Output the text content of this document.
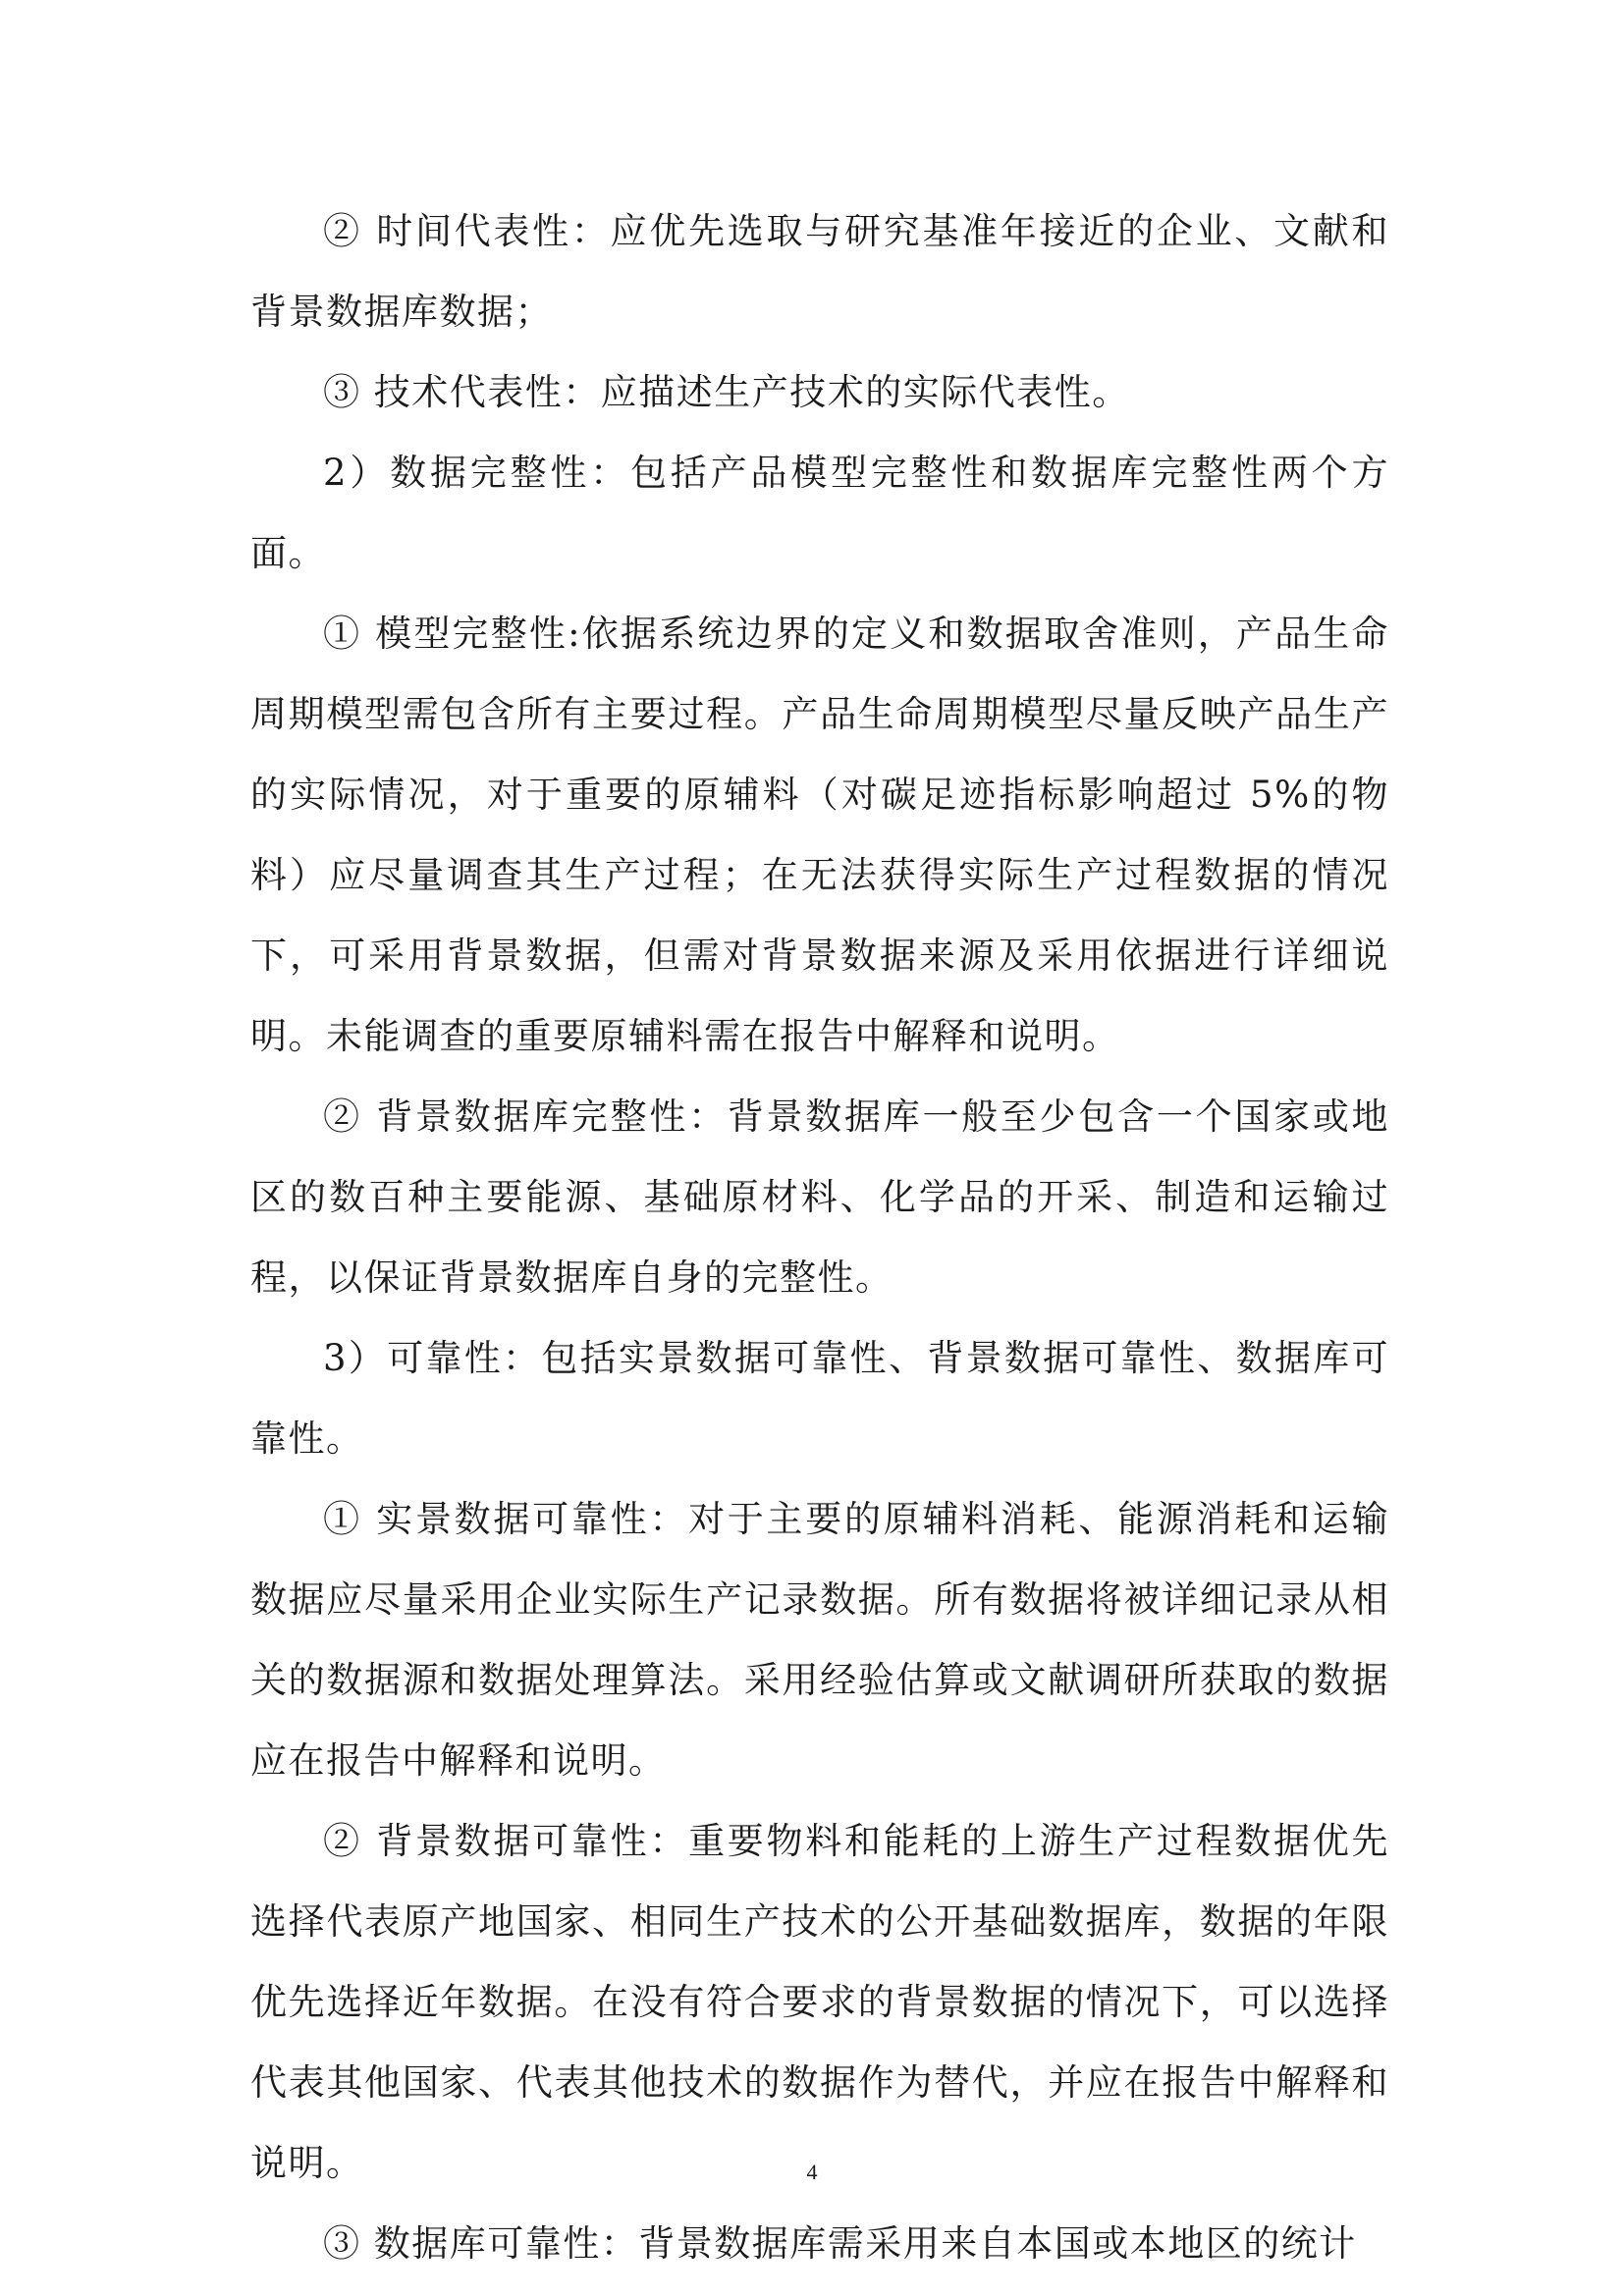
② 时间代表性：应优先选取与研究基准年接近的企业、文献和背景数据库数据；

③ 技术代表性：应描述生产技术的实际代表性。

2）数据完整性：包括产品模型完整性和数据库完整性两个方面。

① 模型完整性:依据系统边界的定义和数据取舍准则，产品生命周期模型需包含所有主要过程。产品生命周期模型尽量反映产品生产的实际情况，对于重要的原辅料（对碳足迹指标影响超过 5%的物料）应尽量调查其生产过程；在无法获得实际生产过程数据的情况下，可采用背景数据，但需对背景数据来源及采用依据进行详细说明。未能调查的重要原辅料需在报告中解释和说明。

② 背景数据库完整性：背景数据库一般至少包含一个国家或地区的数百种主要能源、基础原材料、化学品的开采、制造和运输过程，以保证背景数据库自身的完整性。

3）可靠性：包括实景数据可靠性、背景数据可靠性、数据库可靠性。

① 实景数据可靠性：对于主要的原辅料消耗、能源消耗和运输数据应尽量采用企业实际生产记录数据。所有数据将被详细记录从相关的数据源和数据处理算法。采用经验估算或文献调研所获取的数据应在报告中解释和说明。

② 背景数据可靠性：重要物料和能耗的上游生产过程数据优先选择代表原产地国家、相同生产技术的公开基础数据库，数据的年限优先选择近年数据。在没有符合要求的背景数据的情况下，可以选择代表其他国家、代表其他技术的数据作为替代，并应在报告中解释和说明。

③ 数据库可靠性：背景数据库需采用来自本国或本地区的统计

4
